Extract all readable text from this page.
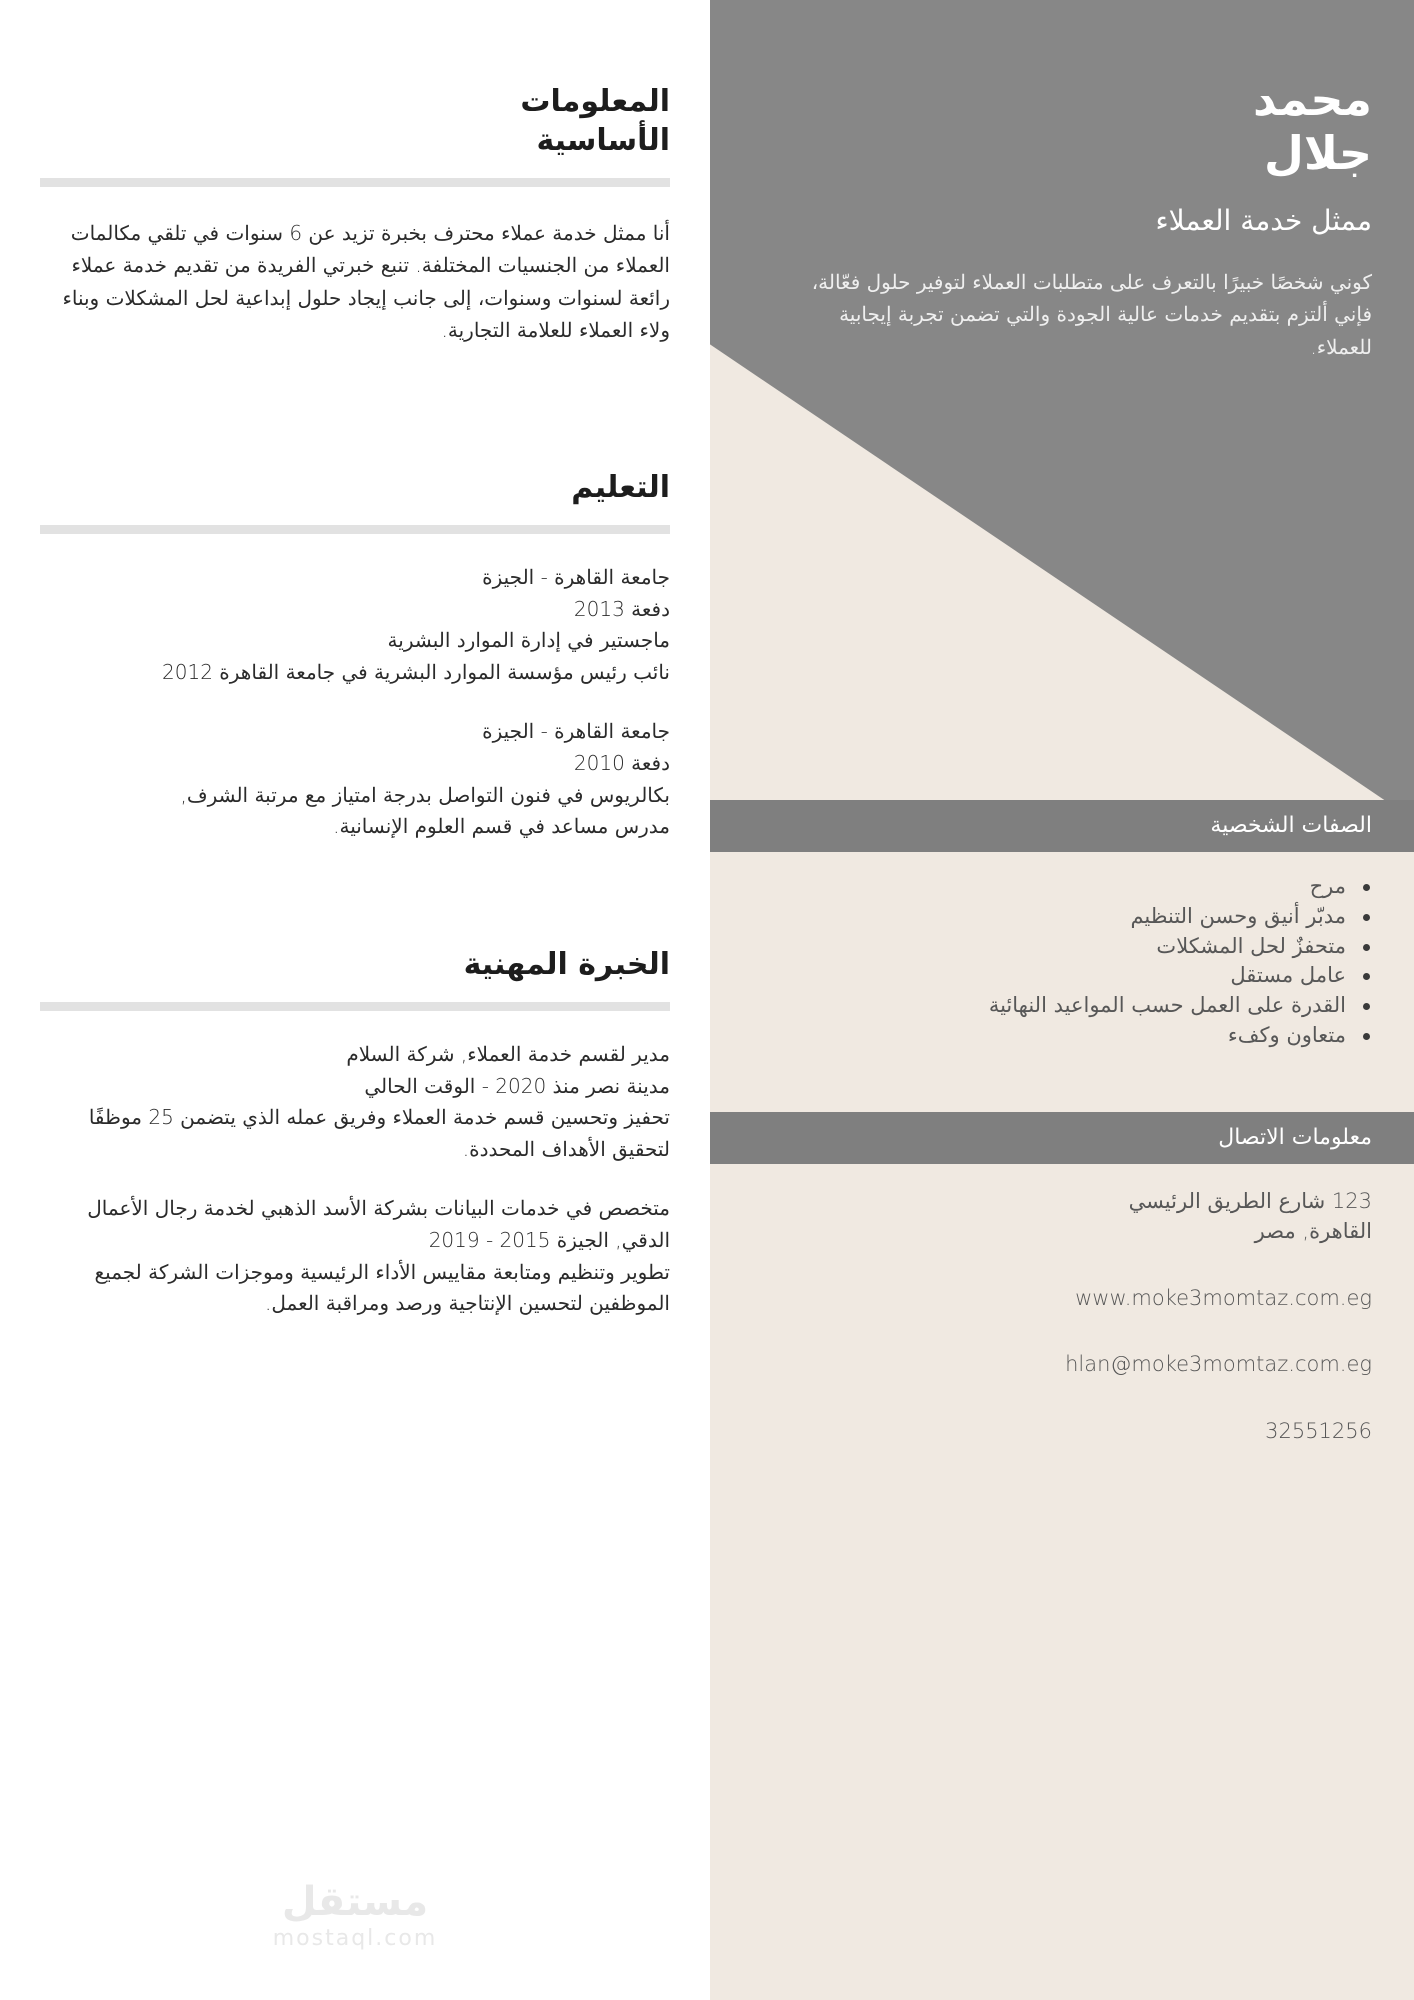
المعلومات
الأساسية
أنا ممثل خدمة عملاء محترف بخبرة تزيد عن 6 سنوات في تلقي مكالمات العملاء من الجنسيات المختلفة. تنبع خبرتي الفريدة من تقديم خدمة عملاء رائعة لسنوات وسنوات، إلى جانب إيجاد حلول إبداعية لحل المشكلات وبناء ولاء العملاء للعلامة التجارية.
التعليم
جامعة القاهرة - الجيزة
دفعة 2013
ماجستير في إدارة الموارد البشرية
نائب رئيس مؤسسة الموارد البشرية في جامعة القاهرة 2012
جامعة القاهرة - الجيزة
دفعة 2010
بكالريوس في فنون التواصل بدرجة امتياز مع مرتبة الشرف,
مدرس مساعد في قسم العلوم الإنسانية.
الخبرة المهنية
مدير لقسم خدمة العملاء, شركة السلام
مدينة نصر منذ 2020 - الوقت الحالي
تحفيز وتحسين قسم خدمة العملاء وفريق عمله الذي يتضمن 25 موظفًا لتحقيق الأهداف المحددة.
متخصص في خدمات البيانات بشركة الأسد الذهبي لخدمة رجال الأعمال
الدقي, الجيزة 2015 - 2019
تطوير وتنظيم ومتابعة مقاييس الأداء الرئيسية وموجزات الشركة لجميع الموظفين لتحسين الإنتاجية ورصد ومراقبة العمل.
مستقل
mostaql.com
محمد
جلال
ممثل خدمة العملاء
كوني شخصًا خبيرًا بالتعرف على متطلبات العملاء لتوفير حلول فعّالة، فإني ألتزم بتقديم خدمات عالية الجودة والتي تضمن تجربة إيجابية للعملاء.
الصفات الشخصية
مرح
مدبّر أنيق وحسن التنظيم
متحفزٌ لحل المشكلات
عامل مستقل
القدرة على العمل حسب المواعيد النهائية
متعاون وكفء
معلومات الاتصال
123 شارع الطريق الرئيسي
القاهرة, مصر
www.moke3momtaz.com.eg
hlan@moke3momtaz.com.eg
32551256
